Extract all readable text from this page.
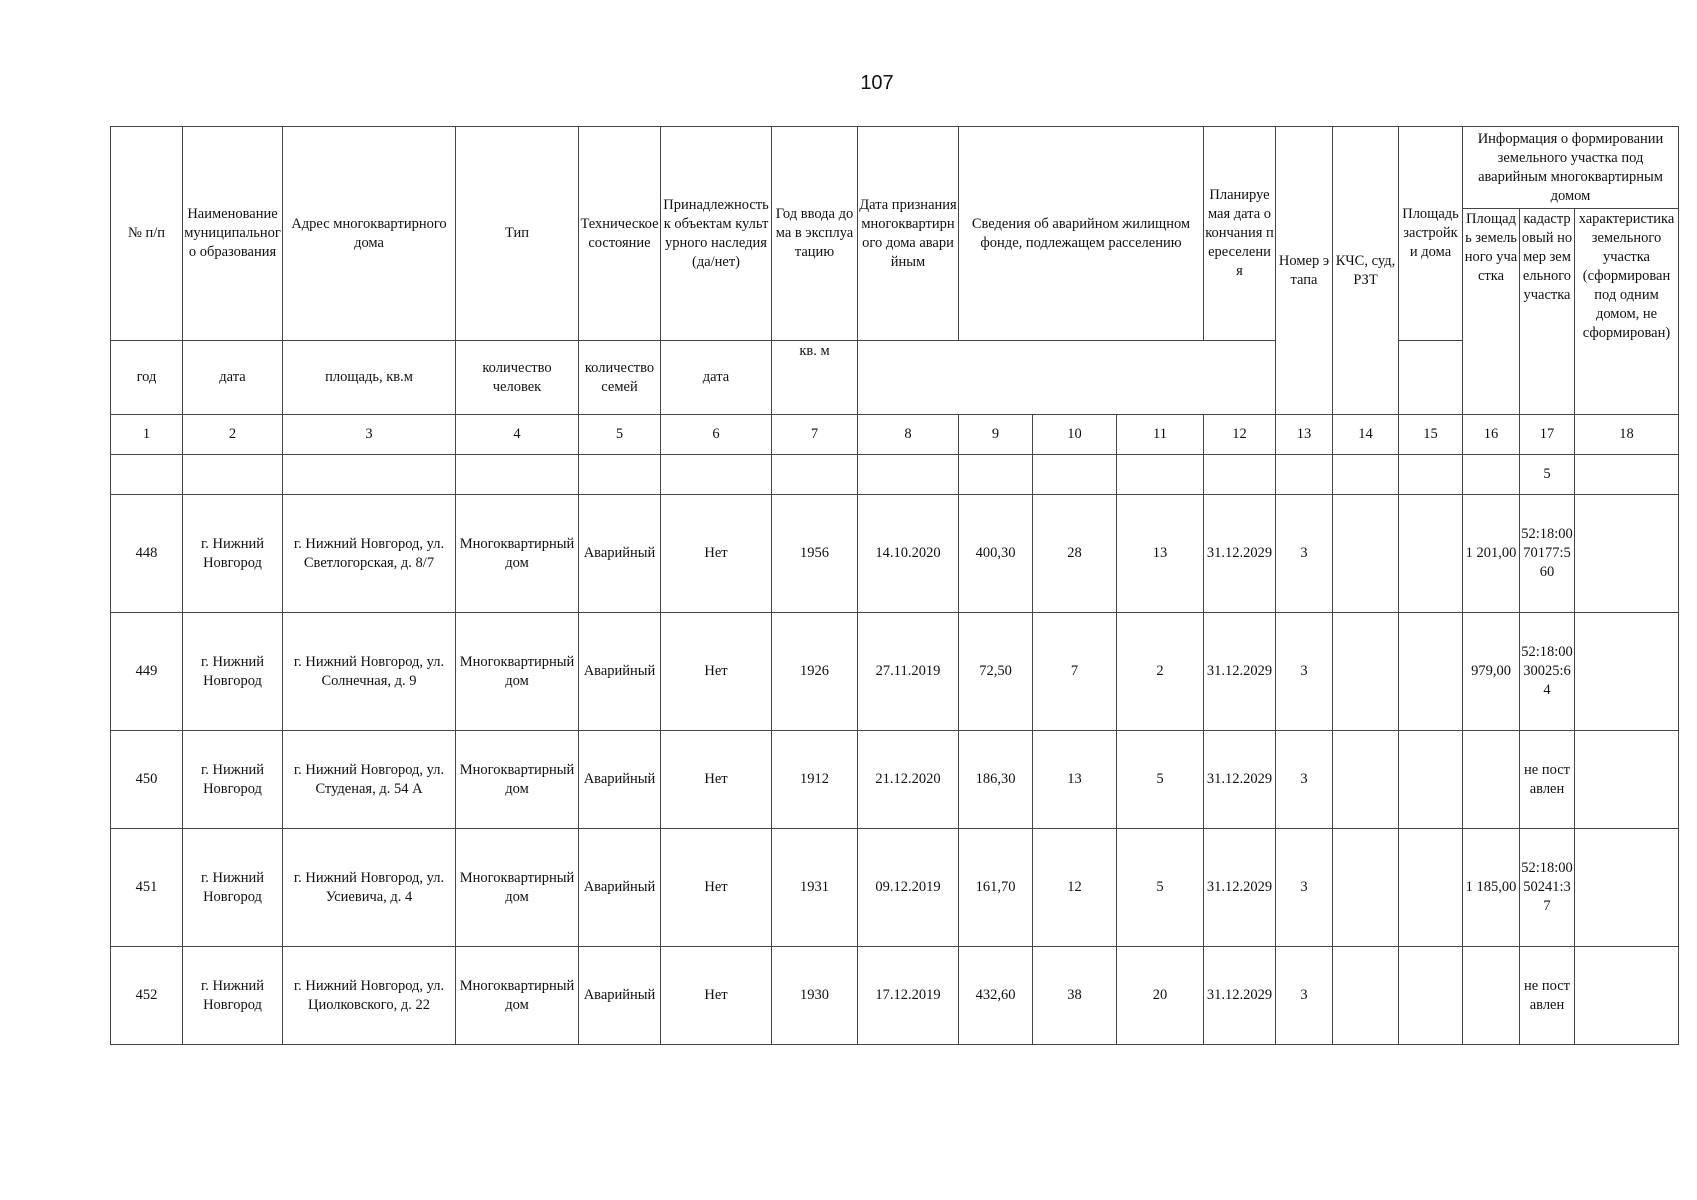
107
№ п/п	Наименование муниципального образования	Адрес многоквартирного дома	Тип	Техническое состояние	Принадлежность к объектам культурного наследия (да/нет)	Год ввода дома в эксплуатацию	Дата признания многоквартирного дома аварийным	Сведения об аварийном жилищном фонде, подлежащем расселению			Планируемая дата окончания переселения	Номер этапа	КЧС, суд, РЗТ	Площадь застройки дома	Информация о формировании земельного участка под аварийным многоквартирным домом		
															Площадь земельного участка	кадастровый номер земельного участка	характеристика земельного участка (сформирован под одним домом, не сформирован)
год	дата	площадь, кв.м	количество человек	количество семей	дата	кв. м											
1	2	3	4	5	6	7	8	9	10	11	12	13	14	15	16	17	18
																5	
448	г. Нижний Новгород	г. Нижний Новгород, ул. Светлогорская, д. 8/7	Многоквартирный дом	Аварийный	Нет	1956	14.10.2020	400,30	28	13	31.12.2029	3			1 201,00	52:18:0070177:560	
449	г. Нижний Новгород	г. Нижний Новгород, ул. Солнечная, д. 9	Многоквартирный дом	Аварийный	Нет	1926	27.11.2019	72,50	7	2	31.12.2029	3			979,00	52:18:0030025:64	
450	г. Нижний Новгород	г. Нижний Новгород, ул. Студеная, д. 54 А	Многоквартирный дом	Аварийный	Нет	1912	21.12.2020	186,30	13	5	31.12.2029	3				не поставлен	
451	г. Нижний Новгород	г. Нижний Новгород, ул. Усиевича, д. 4	Многоквартирный дом	Аварийный	Нет	1931	09.12.2019	161,70	12	5	31.12.2029	3			1 185,00	52:18:0050241:37	
452	г. Нижний Новгород	г. Нижний Новгород, ул. Циолковского, д. 22	Многоквартирный дом	Аварийный	Нет	1930	17.12.2019	432,60	38	20	31.12.2029	3				не поставлен	
